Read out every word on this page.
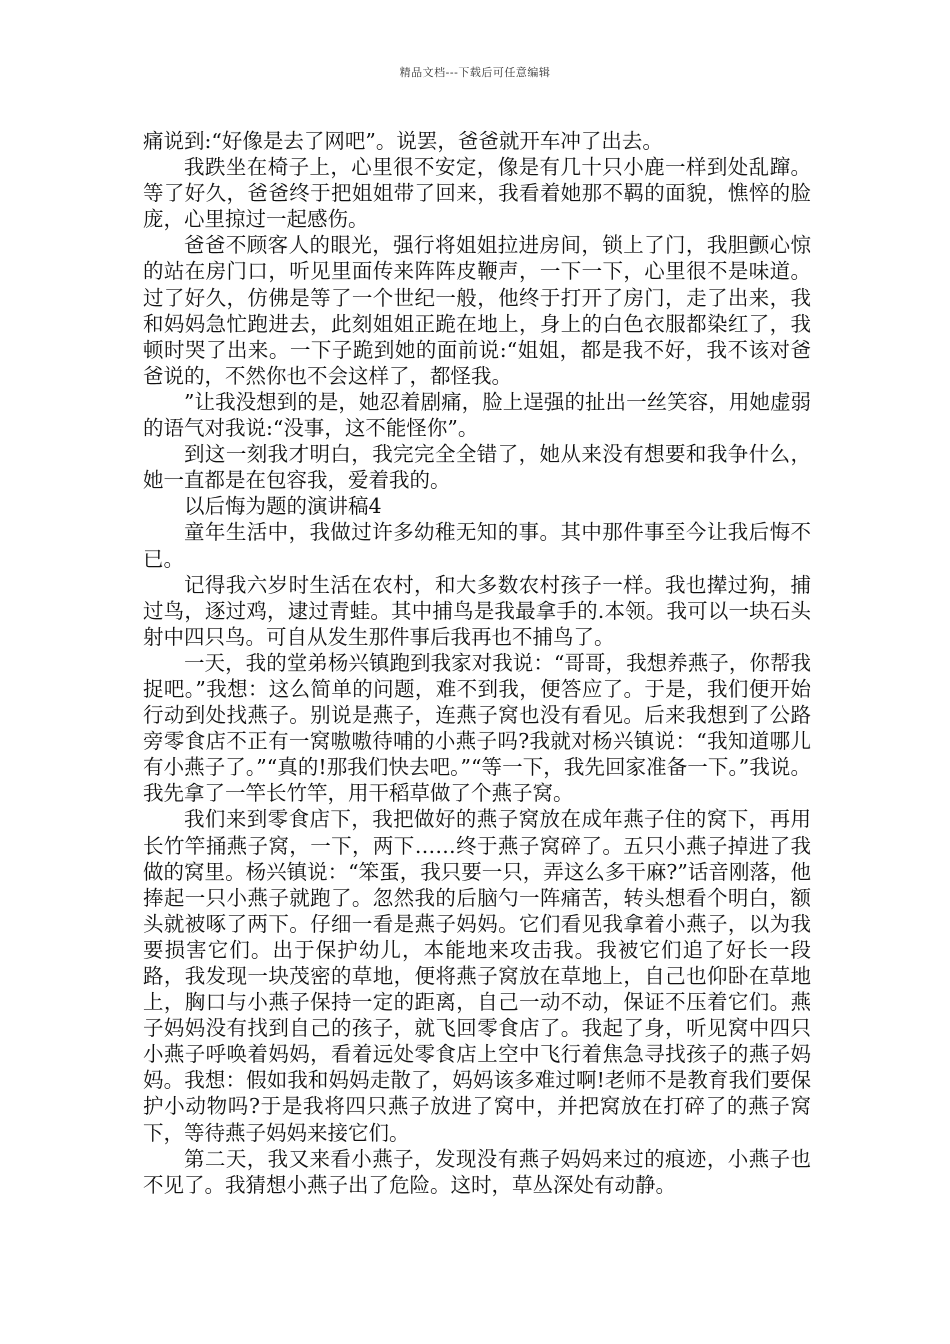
精品文档---下载后可任意编辑

痛说到:“好像是去了网吧”。说罢，爸爸就开车冲了出去。

我跌坐在椅子上，心里很不安定，像是有几十只小鹿一样到处乱蹿。等了好久，爸爸终于把姐姐带了回来，我看着她那不羁的面貌，憔悴的脸庞，心里掠过一起感伤。

爸爸不顾客人的眼光，强行将姐姐拉进房间，锁上了门，我胆颤心惊的站在房门口，听见里面传来阵阵皮鞭声，一下一下，心里很不是味道。过了好久，仿佛是等了一个世纪一般，他终于打开了房门，走了出来，我和妈妈急忙跑进去，此刻姐姐正跪在地上，身上的白色衣服都染红了，我顿时哭了出来。一下子跪到她的面前说:“姐姐，都是我不好，我不该对爸爸说的，不然你也不会这样了，都怪我。

”让我没想到的是，她忍着剧痛，脸上逞强的扯出一丝笑容，用她虚弱的语气对我说:“没事，这不能怪你”。

到这一刻我才明白，我完完全全错了，她从来没有想要和我争什么，她一直都是在包容我，爱着我的。

以后悔为题的演讲稿4

童年生活中，我做过许多幼稚无知的事。其中那件事至今让我后悔不已。

记得我六岁时生活在农村，和大多数农村孩子一样。我也撵过狗，捕过鸟，逐过鸡，逮过青蛙。其中捕鸟是我最拿手的.本领。我可以一块石头射中四只鸟。可自从发生那件事后我再也不捕鸟了。

一天，我的堂弟杨兴镇跑到我家对我说：“哥哥，我想养燕子，你帮我捉吧。”我想：这么简单的问题，难不到我，便答应了。于是，我们便开始行动到处找燕子。别说是燕子，连燕子窝也没有看见。后来我想到了公路旁零食店不正有一窝嗷嗷待哺的小燕子吗?我就对杨兴镇说：“我知道哪儿有小燕子了。”“真的!那我们快去吧。”“等一下，我先回家准备一下。”我说。我先拿了一竿长竹竿，用干稻草做了个燕子窝。

我们来到零食店下，我把做好的燕子窝放在成年燕子住的窝下，再用长竹竿捅燕子窝，一下，两下……终于燕子窝碎了。五只小燕子掉进了我做的窝里。杨兴镇说：“笨蛋，我只要一只，弄这么多干麻?”话音刚落，他捧起一只小燕子就跑了。忽然我的后脑勺一阵痛苦，转头想看个明白，额头就被啄了两下。仔细一看是燕子妈妈。它们看见我拿着小燕子，以为我要损害它们。出于保护幼儿，本能地来攻击我。我被它们追了好长一段路，我发现一块茂密的草地，便将燕子窝放在草地上，自己也仰卧在草地上，胸口与小燕子保持一定的距离，自己一动不动，保证不压着它们。燕子妈妈没有找到自己的孩子，就飞回零食店了。我起了身，听见窝中四只小燕子呼唤着妈妈，看着远处零食店上空中飞行着焦急寻找孩子的燕子妈妈。我想：假如我和妈妈走散了，妈妈该多难过啊!老师不是教育我们要保护小动物吗?于是我将四只燕子放进了窝中，并把窝放在打碎了的燕子窝下，等待燕子妈妈来接它们。

第二天，我又来看小燕子，发现没有燕子妈妈来过的痕迹，小燕子也不见了。我猜想小燕子出了危险。这时，草丛深处有动静。
